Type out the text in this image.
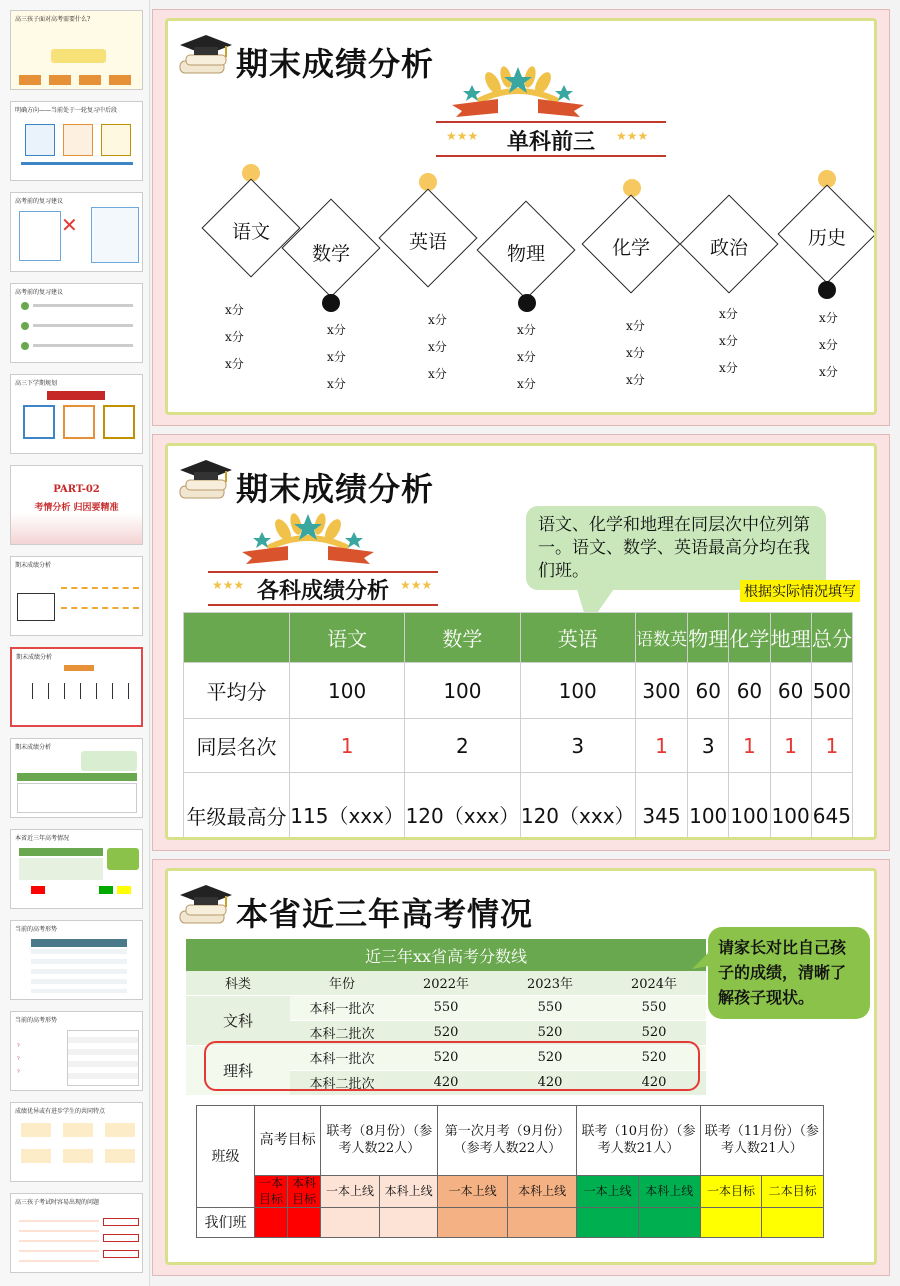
高三孩子面对高考需要什么?
明确方向——当前处于一轮复习中后段
高考前的复习建议
✕
高考前的复习建议
高三下学期规划
PART-02
考情分析 归因要精准
期末成绩分析
期末成绩分析
期末成绩分析
本省近三年高考情况
当前的高考形势
当前的高考形势
?
?
?
成绩优异或有进步学生的共同特点
高三孩子考试时容易出现的问题
期末成绩分析
★★★	★★★
单科前三
语文
x分
x分
x分
数学
x分
x分
x分
英语
x分
x分
x分
物理
x分
x分
x分
化学
x分
x分
x分
政治
x分
x分
x分
历史
x分
x分
x分
期末成绩分析
★★★	★★★
各科成绩分析
语文、化学和地理在同层次中位列第一。语文、数学、英语最高分均在我们班。
根据实际情况填写
	语文	数学	英语	语数英	物理	化学	地理	总分
平均分	100	100	100	300	60	60	60	500
同层名次	1	2	3	1	3	1	1	1
年级最高分	115（xxx）	120（xxx）	120（xxx）	345	100	100	100	645
本省近三年高考情况
近三年xx省高考分数线				
科类	年份	2022年	2023年	2024年
文科	本科一批次	550	550	550
	本科二批次	520	520	520
理科	本科一批次	520	520	520
	本科二批次	420	420	420
请家长对比自己孩子的成绩，清晰了解孩子现状。
班级	高考目标		联考（8月份）（参考人数22人）		第一次月考（9月份）（参考人数22人）		联考（10月份）（参考人数21人）		联考（11月份）（参考人数21人）	
	一本目标	本科目标	一本上线	本科上线	一本上线	本科上线	一本上线	本科上线	一本目标	二本目标
我们班										
